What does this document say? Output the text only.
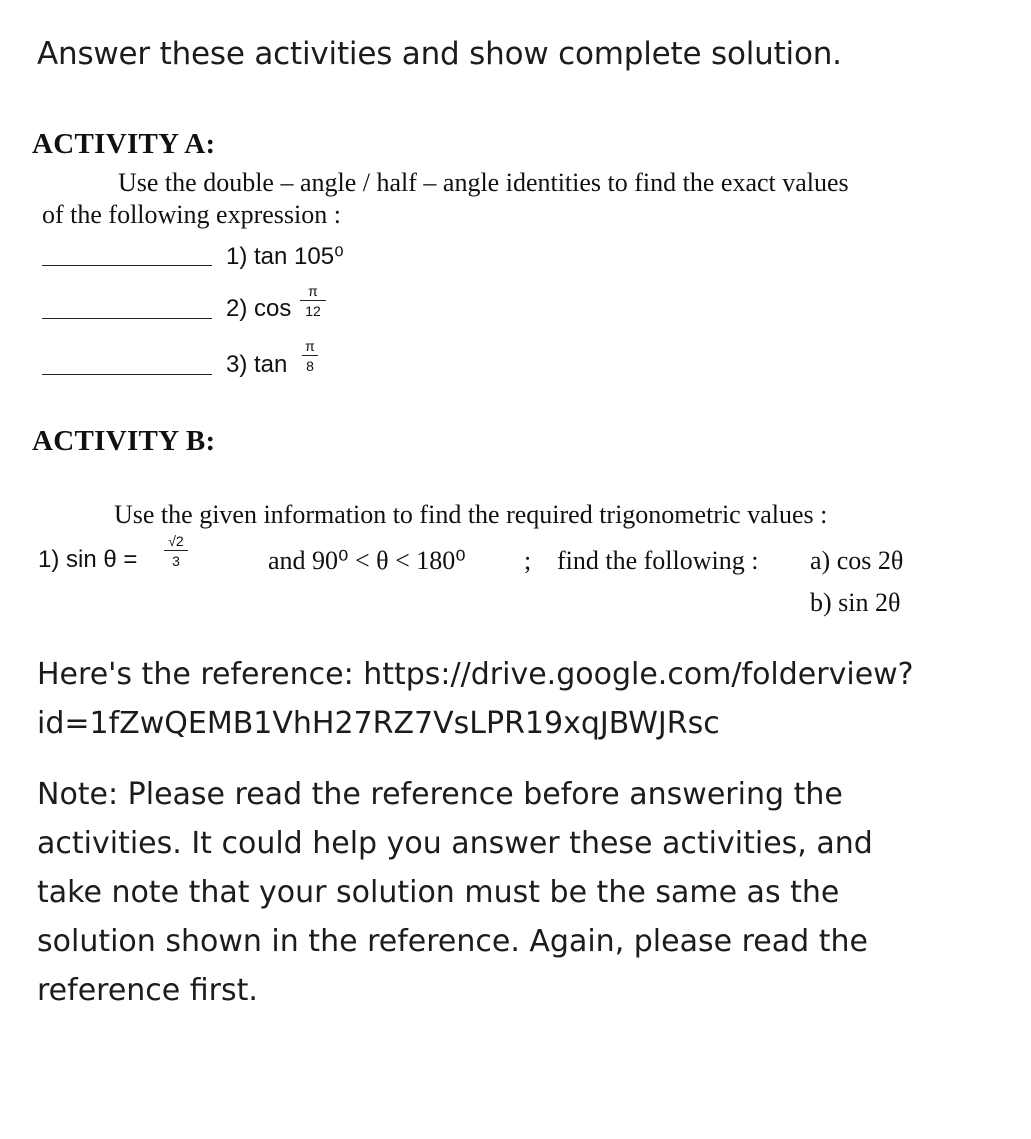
Answer these activities and show complete solution.
ACTIVITY A:
Use the double – angle / half – angle identities to find the exact values
of the following expression :
1) tan 105⁰
2) cos
π
12
3) tan
π
8
ACTIVITY B:
Use the given information to find the required trigonometric values :
1) sin θ =
√2
3	and 90⁰ < θ < 180⁰ ; find the following : a) cos 2θ
b) sin 2θ
Here's the reference: https://drive.google.com/folderview?
id=1fZwQEMB1VhH27RZ7VsLPR19xqJBWJRsc
Note: Please read the reference before answering the
activities. It could help you answer these activities, and
take note that your solution must be the same as the
solution shown in the reference. Again, please read the
reference first.
